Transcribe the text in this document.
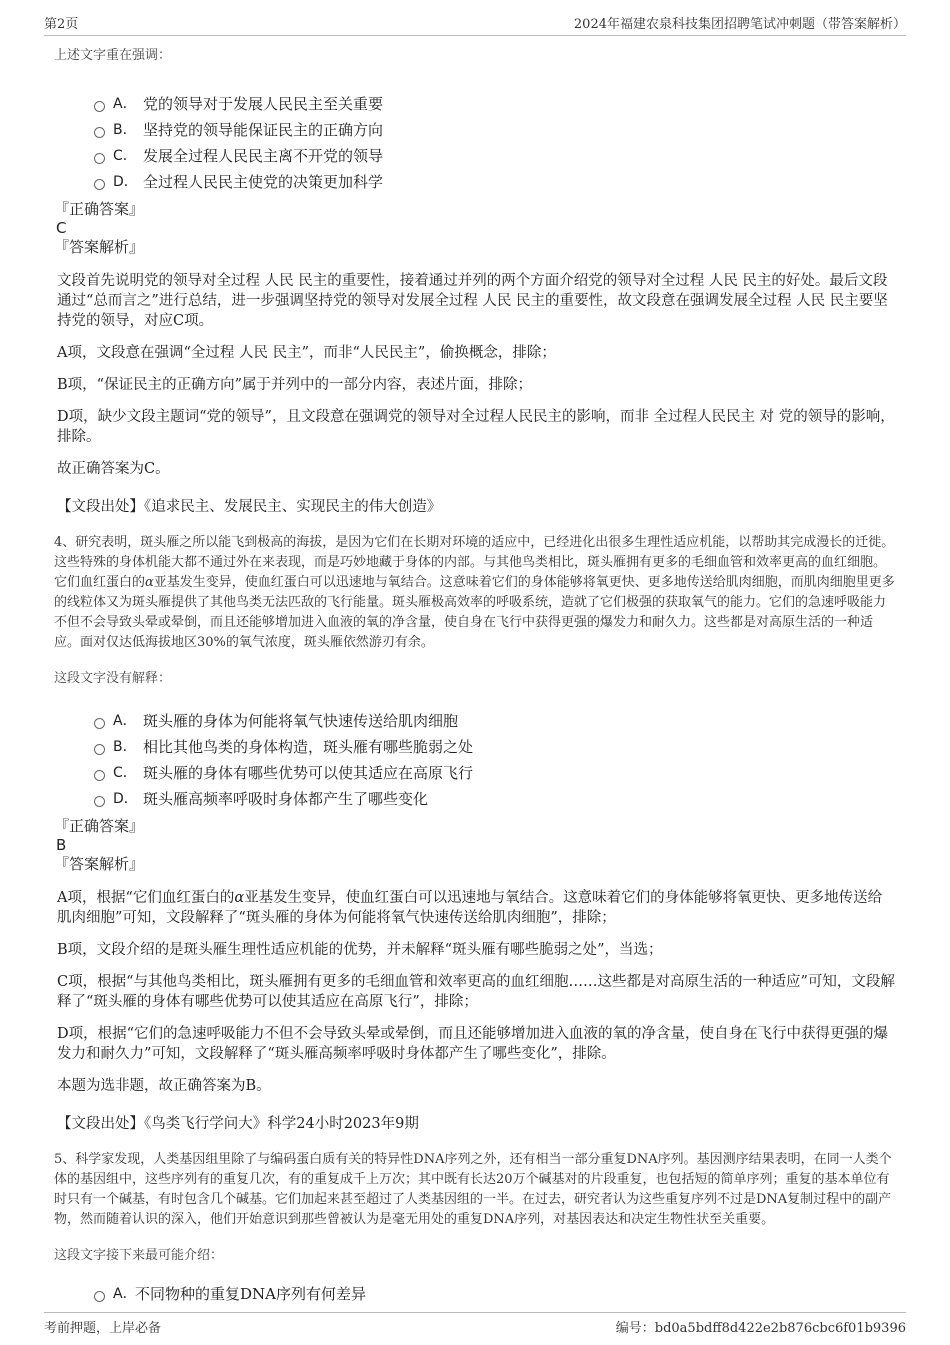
第2页	2024年福建农泉科技集团招聘笔试冲刺题（带答案解析）
上述文字重在强调：
A． 党的领导对于发展人民民主至关重要
B． 坚持党的领导能保证民主的正确方向
C． 发展全过程人民民主离不开党的领导
D． 全过程人民民主使党的决策更加科学
『正确答案』
C
『答案解析』
文段首先说明党的领导对全过程 人民 民主的重要性，接着通过并列的两个方面介绍党的领导对全过程 人民 民主的好处。最后文段通过“总而言之”进行总结，进一步强调坚持党的领导对发展全过程 人民 民主的重要性，故文段意在强调发展全过程 人民 民主要坚持党的领导，对应C项。
A项，文段意在强调“全过程 人民 民主”，而非“人民民主”，偷换概念，排除；
B项，“保证民主的正确方向”属于并列中的一部分内容，表述片面，排除；
D项，缺少文段主题词“党的领导”，且文段意在强调党的领导对全过程人民民主的影响，而非 全过程人民民主 对 党的领导的影响，排除。
故正确答案为C。
【文段出处】《追求民主、发展民主、实现民主的伟大创造》
4、研究表明，斑头雁之所以能飞到极高的海拔，是因为它们在长期对环境的适应中，已经进化出很多生理性适应机能，以帮助其完成漫长的迁徙。这些特殊的身体机能大都不通过外在来表现，而是巧妙地藏于身体的内部。与其他鸟类相比，斑头雁拥有更多的毛细血管和效率更高的血红细胞。它们血红蛋白的α亚基发生变异，使血红蛋白可以迅速地与氧结合。这意味着它们的身体能够将氧更快、更多地传送给肌肉细胞，而肌肉细胞里更多的线粒体又为斑头雁提供了其他鸟类无法匹敌的飞行能量。斑头雁极高效率的呼吸系统，造就了它们极强的获取氧气的能力。它们的急速呼吸能力不但不会导致头晕或晕倒，而且还能够增加进入血液的氧的净含量，使自身在飞行中获得更强的爆发力和耐久力。这些都是对高原生活的一种适应。面对仅达低海拔地区30%的氧气浓度，斑头雁依然游刃有余。
这段文字没有解释：
A． 斑头雁的身体为何能将氧气快速传送给肌肉细胞
B． 相比其他鸟类的身体构造，斑头雁有哪些脆弱之处
C． 斑头雁的身体有哪些优势可以使其适应在高原飞行
D． 斑头雁高频率呼吸时身体都产生了哪些变化
『正确答案』
B
『答案解析』
A项，根据“它们血红蛋白的α亚基发生变异，使血红蛋白可以迅速地与氧结合。这意味着它们的身体能够将氧更快、更多地传送给肌肉细胞”可知，文段解释了“斑头雁的身体为何能将氧气快速传送给肌肉细胞”，排除；
B项，文段介绍的是斑头雁生理性适应机能的优势，并未解释“斑头雁有哪些脆弱之处”，当选；
C项，根据“与其他鸟类相比，斑头雁拥有更多的毛细血管和效率更高的血红细胞……这些都是对高原生活的一种适应”可知，文段解释了“斑头雁的身体有哪些优势可以使其适应在高原飞行”，排除；
D项，根据“它们的急速呼吸能力不但不会导致头晕或晕倒，而且还能够增加进入血液的氧的净含量，使自身在飞行中获得更强的爆发力和耐久力”可知，文段解释了“斑头雁高频率呼吸时身体都产生了哪些变化”，排除。
本题为选非题，故正确答案为B。
【文段出处】《鸟类飞行学问大》科学24小时2023年9期
5、科学家发现，人类基因组里除了与编码蛋白质有关的特异性DNA序列之外，还有相当一部分重复DNA序列。基因测序结果表明，在同一人类个体的基因组中，这些序列有的重复几次，有的重复成千上万次；其中既有长达20万个碱基对的片段重复，也包括短的简单序列；重复的基本单位有时只有一个碱基，有时包含几个碱基。它们加起来甚至超过了人类基因组的一半。在过去，研究者认为这些重复序列不过是DNA复制过程中的副产物，然而随着认识的深入，他们开始意识到那些曾被认为是毫无用处的重复DNA序列，对基因表达和决定生物性状至关重要。
这段文字接下来最可能介绍：
A．
不同物种的重复DNA序列有何差异
考前押题，上岸必备	编号：bd0a5bdff8d422e2b876cbc6f01b9396
